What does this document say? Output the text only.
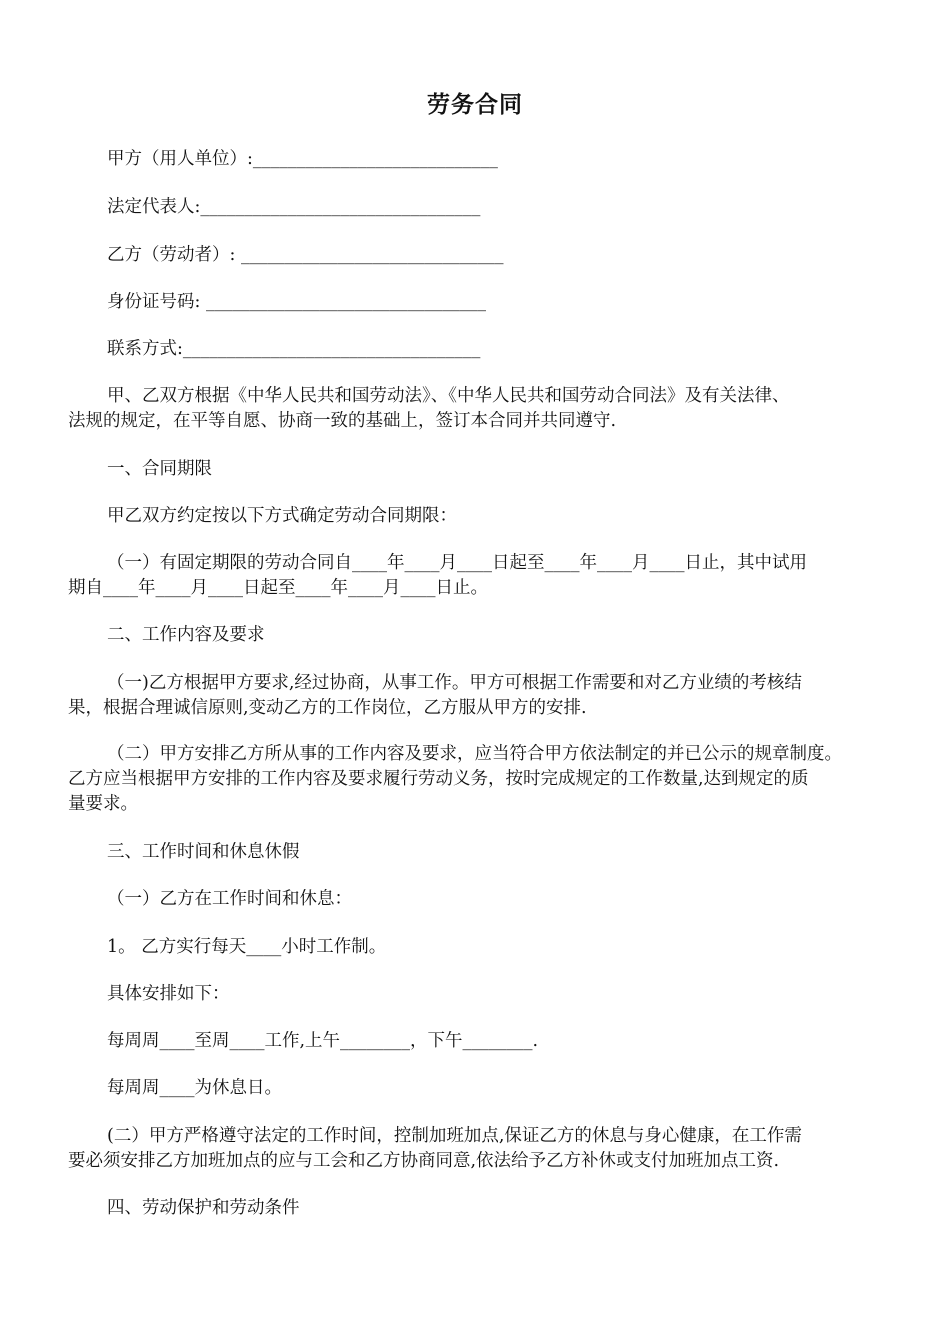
劳务合同
甲方（用人单位）:____________________________
法定代表人:________________________________
乙方（劳动者）: ______________________________
身份证号码: ________________________________
联系方式:__________________________________
甲、乙双方根据《中华人民共和国劳动法》、《中华人民共和国劳动合同法》及有关法律、
法规的规定，在平等自愿、协商一致的基础上，签订本合同并共同遵守.
一、合同期限
甲乙双方约定按以下方式确定劳动合同期限：
（一）有固定期限的劳动合同自____年____月____日起至____年____月____日止，其中试用
期自____年____月____日起至____年____月____日止。
二、工作内容及要求
（一)乙方根据甲方要求,经过协商，从事工作。甲方可根据工作需要和对乙方业绩的考核结
果，根据合理诚信原则,变动乙方的工作岗位，乙方服从甲方的安排.
（二）甲方安排乙方所从事的工作内容及要求，应当符合甲方依法制定的并已公示的规章制度。
乙方应当根据甲方安排的工作内容及要求履行劳动义务，按时完成规定的工作数量,达到规定的质
量要求。
三、工作时间和休息休假
（一）乙方在工作时间和休息：
1。 乙方实行每天____小时工作制。
具体安排如下：
每周周____至周____工作,上午________，下午________.
每周周____为休息日。
(二）甲方严格遵守法定的工作时间，控制加班加点,保证乙方的休息与身心健康，在工作需
要必须安排乙方加班加点的应与工会和乙方协商同意,依法给予乙方补休或支付加班加点工资.
四、劳动保护和劳动条件
